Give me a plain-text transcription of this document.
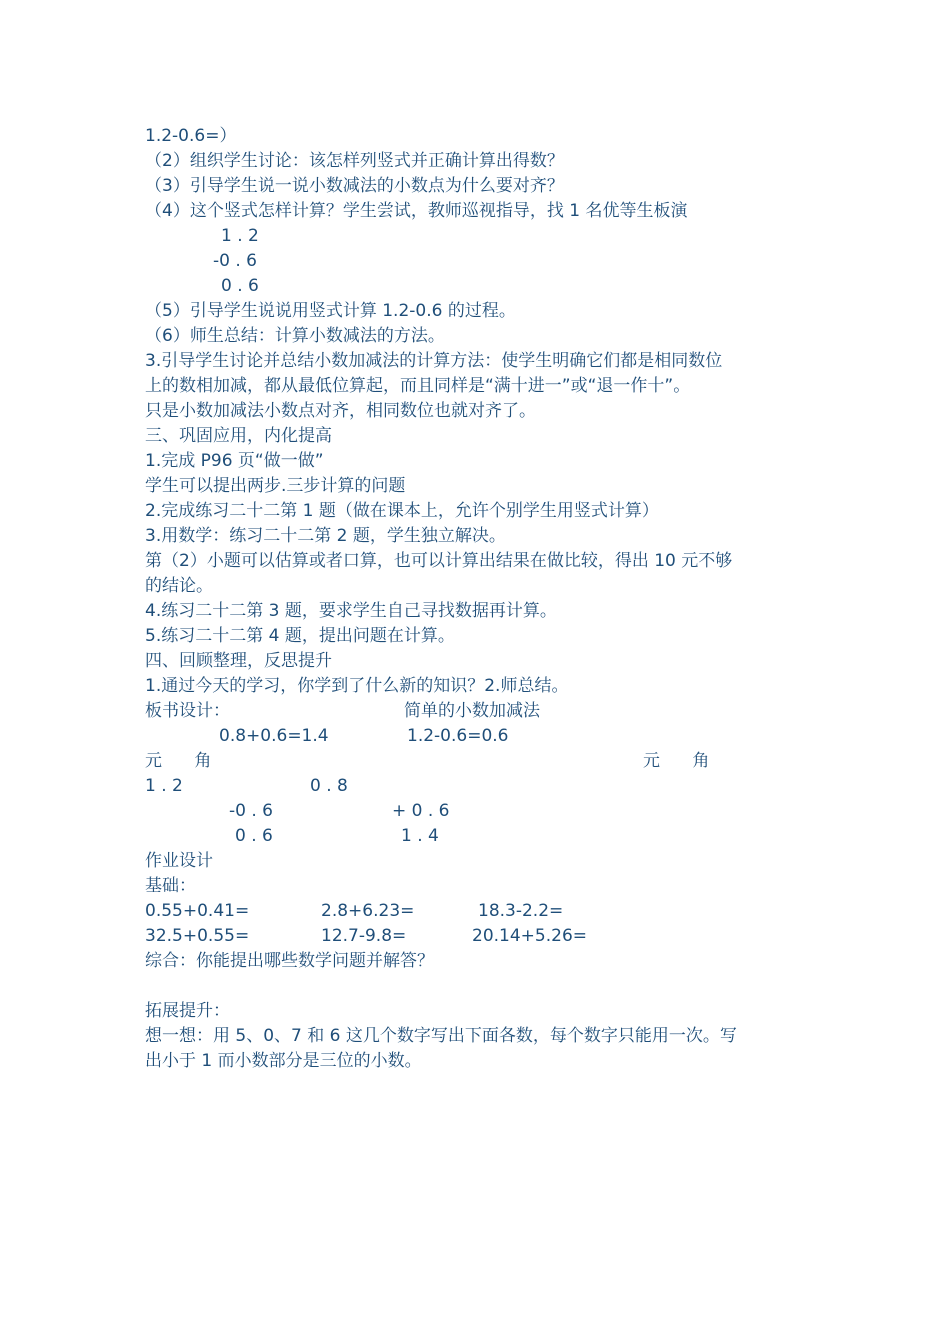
1.2-0.6=）
（2）组织学生讨论：该怎样列竖式并正确计算出得数？
（3）引导学生说一说小数减法的小数点为什么要对齐？
（4）这个竖式怎样计算？学生尝试，教师巡视指导，找 1 名优等生板演
1 . 2
-0 . 6
0 . 6
（5）引导学生说说用竖式计算 1.2-0.6 的过程。
（6）师生总结：计算小数减法的方法。
3.引导学生讨论并总结小数加减法的计算方法：使学生明确它们都是相同数位
上的数相加减，都从最低位算起，而且同样是“满十进一”或“退一作十”。
只是小数加减法小数点对齐，相同数位也就对齐了。
三、巩固应用，内化提高
1.完成 P96 页“做一做”
学生可以提出两步.三步计算的问题
2.完成练习二十二第 1 题（做在课本上，允许个别学生用竖式计算）
3.用数学：练习二十二第 2 题，学生独立解决。
第（2）小题可以估算或者口算，也可以计算出结果在做比较，得出 10 元不够
的结论。
4.练习二十二第 3 题，要求学生自己寻找数据再计算。
5.练习二十二第 4 题，提出问题在计算。
四、回顾整理，反思提升
1.通过今天的学习，你学到了什么新的知识？2.师总结。
板书设计：	简单的小数加减法
0.8+0.6=1.4	1.2-0.6=0.6
元      角	元      角
1 . 2	0 . 8
-0 . 6	+ 0 . 6
0 . 6	1 . 4
作业设计
基础：
0.55+0.41=	2.8+6.23=	18.3-2.2=
32.5+0.55=	12.7-9.8=	20.14+5.26=
综合：你能提出哪些数学问题并解答？
拓展提升：
想一想：用 5、0、7 和 6 这几个数字写出下面各数，每个数字只能用一次。写
出小于 1 而小数部分是三位的小数。
